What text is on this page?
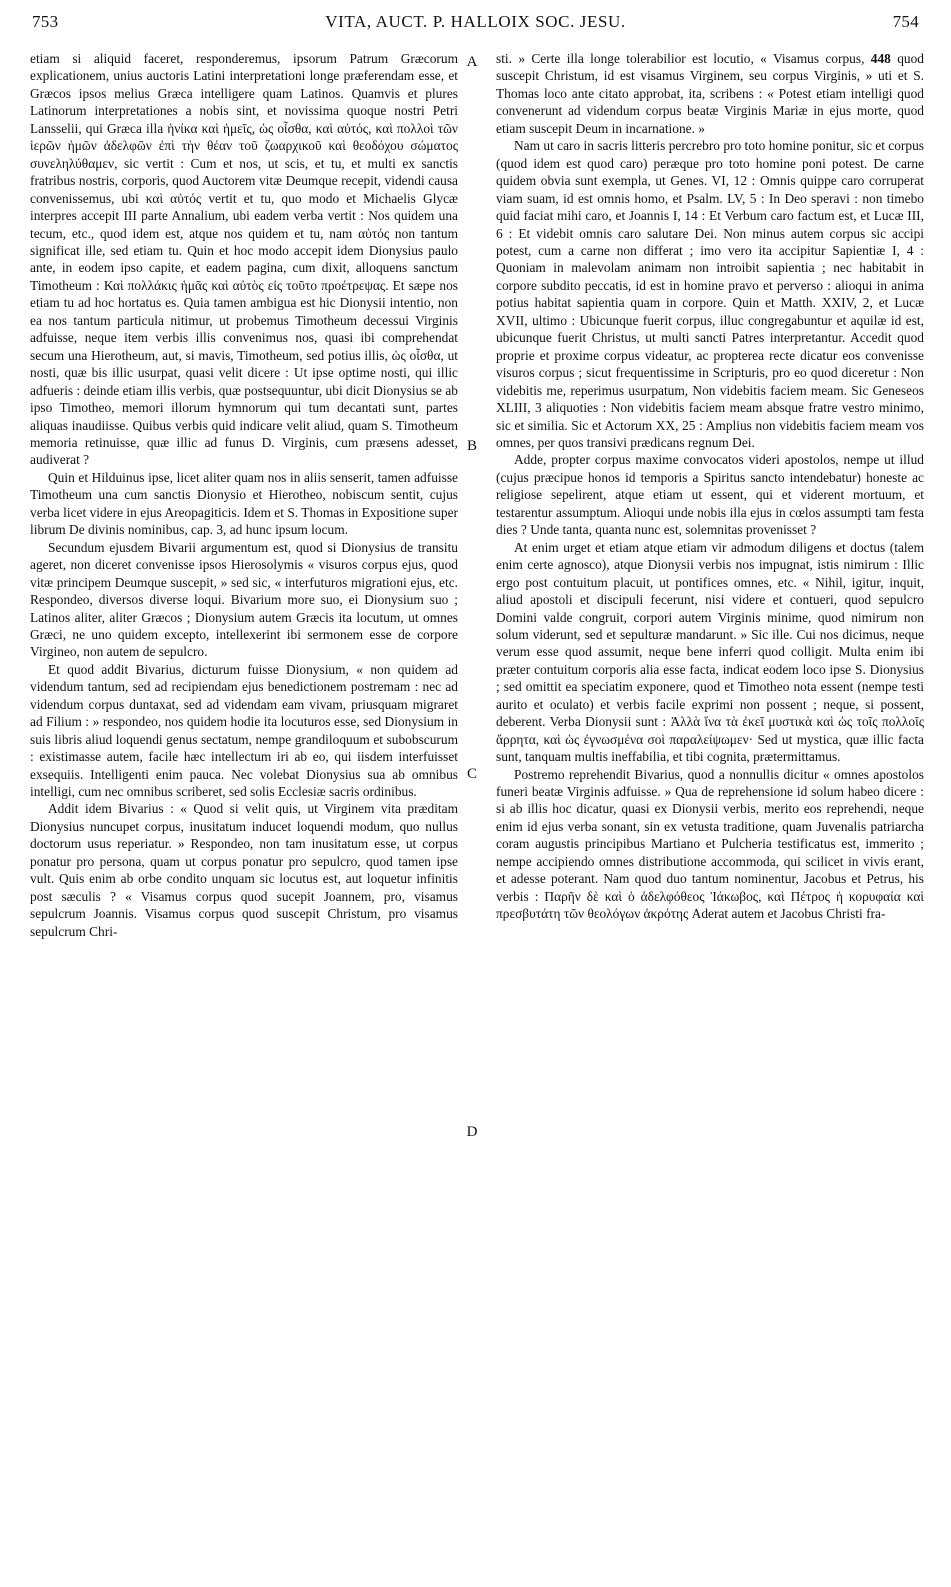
753	VITA, AUCT. P. HALLOIX SOC. JESU.	754
A
B
C
D

etiam si aliquid faceret, responderemus, ipsorum Patrum Græcorum explicationem, unius auctoris Latini interpretationi longe præferendam esse, et Græcos ipsos melius Græca intelligere quam Latinos. Quamvis et plures Latinorum interpretationes a nobis sint, et novissima quoque nostri Petri Lansselii, qui Græca illa ἡνίκα καὶ ἡμεῖς, ὡς οἶσθα, καὶ αὐτός, καὶ πολλοὶ τῶν ἱερῶν ἡμῶν ἀδελφῶν ἐπὶ τὴν θέαν τοῦ ζωαρχικοῦ καὶ θεοδόχου σώματος συνεληλύθαμεν, sic vertit : Cum et nos, ut scis, et tu, et multi ex sanctis fratribus nostris, corporis, quod Auctorem vitæ Deumque recepit, videndi causa convenissemus, ubi καὶ αὐτός vertit et tu, quo modo et Michaelis Glycæ interpres accepit III parte Annalium, ubi eadem verba vertit : Nos quidem una tecum, etc., quod idem est, atque nos quidem et tu, nam αὐτός non tantum significat ille, sed etiam tu. Quin et hoc modo accepit idem Dionysius paulo ante, in eodem ipso capite, et eadem pagina, cum dixit, alloquens sanctum Timotheum : Καὶ πολλάκις ἡμᾶς καὶ αὐτὸς εἰς τοῦτο προέτρεψας. Et sæpe nos etiam tu ad hoc hortatus es. Quia tamen ambigua est hic Dionysii intentio, non ea nos tantum particula nitimur, ut probemus Timotheum decessui Virginis adfuisse, neque item verbis illis convenimus nos, quasi ibi comprehendat secum una Hierotheum, aut, si mavis, Timotheum, sed potius illis, ὡς οἶσθα, ut nosti, quæ bis illic usurpat, quasi velit dicere : Ut ipse optime nosti, qui illic adfueris : deinde etiam illis verbis, quæ postsequuntur, ubi dicit Dionysius se ab ipso Timotheo, memori illorum hymnorum qui tum decantati sunt, partes aliquas inaudiisse. Quibus verbis quid indicare velit aliud, quam S. Timotheum memoria retinuisse, quæ illic ad funus D. Virginis, cum præsens adesset, audiverat ?

Quin et Hilduinus ipse, licet aliter quam nos in aliis senserit, tamen adfuisse Timotheum una cum sanctis Dionysio et Hierotheo, nobiscum sentit, cujus verba licet videre in ejus Areopagiticis. Idem et S. Thomas in Expositione super librum De divinis nominibus, cap. 3, ad hunc ipsum locum.

Secundum ejusdem Bivarii argumentum est, quod si Dionysius de transitu ageret, non diceret convenisse ipsos Hierosolymis « visuros corpus ejus, quod vitæ principem Deumque suscepit, » sed sic, « interfuturos migrationi ejus, etc. Respondeo, diversos diverse loqui. Bivarium more suo, ei Dionysium suo ; Latinos aliter, aliter Græcos ; Dionysium autem Græcis ita locutum, ut omnes Græci, ne uno quidem excepto, intellexerint ibi sermonem esse de corpore Virgineo, non autem de sepulcro.

Et quod addit Bivarius, dicturum fuisse Dionysium, « non quidem ad videndum tantum, sed ad recipiendam ejus benedictionem postremam : nec ad videndum corpus duntaxat, sed ad videndam eam vivam, priusquam migraret ad Filium : » respondeo, nos quidem hodie ita locuturos esse, sed Dionysium in suis libris aliud loquendi genus sectatum, nempe grandiloquum et subobscurum : existimasse autem, facile hæc intellectum iri ab eo, qui iisdem interfuisset exsequiis. Intelligenti enim pauca. Nec volebat Dionysius sua ab omnibus intelligi, cum nec omnibus scriberet, sed solis Ecclesiæ sacris ordinibus.

Addit idem Bivarius : « Quod si velit quis, ut Virginem vita præditam Dionysius nuncupet corpus, inusitatum inducet loquendi modum, quo nullus doctorum usus reperiatur. » Respondeo, non tam inusitatum esse, ut corpus ponatur pro persona, quam ut corpus ponatur pro sepulcro, quod tamen ipse vult. Quis enim ab orbe condito unquam sic locutus est, aut loquetur infinitis post sæculis ? « Visamus corpus quod sucepit Joannem, pro, visamus sepulcrum Joannis. Visamus corpus quod suscepit Christum, pro visamus sepulcrum Chri-

sti. » Certe illa longe tolerabilior est locutio, « Visamus corpus, 448 quod suscepit Christum, id est visamus Virginem, seu corpus Virginis, » uti et S. Thomas loco ante citato approbat, ita, scribens : « Potest etiam intelligi quod convenerunt ad videndum corpus beatæ Virginis Mariæ in ejus morte, quod etiam suscepit Deum in incarnatione. »

Nam ut caro in sacris litteris percrebro pro toto homine ponitur, sic et corpus (quod idem est quod caro) peræque pro toto homine poni potest. De carne quidem obvia sunt exempla, ut Genes. VI, 12 : Omnis quippe caro corruperat viam suam, id est omnis homo, et Psalm. LV, 5 : In Deo speravi : non timebo quid faciat mihi caro, et Joannis I, 14 : Et Verbum caro factum est, et Lucæ III, 6 : Et videbit omnis caro salutare Dei. Non minus autem corpus sic accipi potest, cum a carne non differat ; imo vero ita accipitur Sapientiæ I, 4 : Quoniam in malevolam animam non introibit sapientia ; nec habitabit in corpore subdito peccatis, id est in homine pravo et perverso : alioqui in anima potius habitat sapientia quam in corpore. Quin et Matth. XXIV, 2, et Lucæ XVII, ultimo : Ubicunque fuerit corpus, illuc congregabuntur et aquilæ id est, ubicunque fuerit Christus, ut multi sancti Patres interpretantur. Accedit quod proprie et proxime corpus videatur, ac propterea recte dicatur eos convenisse visuros corpus ; sicut frequentissime in Scripturis, pro eo quod diceretur : Non videbitis me, reperimus usurpatum, Non videbitis faciem meam. Sic Geneseos XLIII, 3 aliquoties : Non videbitis faciem meam absque fratre vestro minimo, sic et similia. Sic et Actorum XX, 25 : Amplius non videbitis faciem meam vos omnes, per quos transivi prædicans regnum Dei.

Adde, propter corpus maxime convocatos videri apostolos, nempe ut illud (cujus præcipue honos id temporis a Spiritus sancto intendebatur) honeste ac religiose sepelirent, atque etiam ut essent, qui et viderent mortuum, et testarentur assumptum. Alioqui unde nobis illa ejus in cœlos assumpti tam festa dies ? Unde tanta, quanta nunc est, solemnitas provenisset ?

At enim urget et etiam atque etiam vir admodum diligens et doctus (talem enim certe agnosco), atque Dionysii verbis nos impugnat, istis nimirum : Illic ergo post contuitum placuit, ut pontifices omnes, etc. « Nihil, igitur, inquit, aliud apostoli et discipuli fecerunt, nisi videre et contueri, quod sepulcro Domini valde congruit, corpori autem Virginis minime, quod nimirum non solum viderunt, sed et sepulturæ mandarunt. » Sic ille. Cui nos dicimus, neque verum esse quod assumit, neque bene inferri quod colligit. Multa enim ibi præter contuitum corporis alia esse facta, indicat eodem loco ipse S. Dionysius ; sed omittit ea speciatim exponere, quod et Timotheo nota essent (nempe testi aurito et oculato) et verbis facile exprimi non possent ; neque, si possent, deberent. Verba Dionysii sunt : Ἀλλὰ ἵνα τὰ ἐκεῖ μυστικὰ καὶ ὡς τοῖς πολλοῖς ἄρρητα, καὶ ὡς ἐγνωσμένα σοὶ παραλείψωμεν· Sed ut mystica, quæ illic facta sunt, tanquam multis ineffabilia, et tibi cognita, prætermittamus.

Postremo reprehendit Bivarius, quod a nonnullis dicitur « omnes apostolos funeri beatæ Virginis adfuisse. » Qua de reprehensione id solum habeo dicere : si ab illis hoc dicatur, quasi ex Dionysii verbis, merito eos reprehendi, neque enim id ejus verba sonant, sin ex vetusta traditione, quam Juvenalis patriarcha coram augustis principibus Martiano et Pulcheria testificatus est, immerito ; nempe accipiendo omnes distributione accommoda, qui scilicet in vivis erant, et adesse poterant. Nam quod duo tantum nominentur, Jacobus et Petrus, his verbis : Παρῆν δὲ καὶ ὁ ἀδελφόθεος Ἰάκωβος, καὶ Πέτρος ἡ κορυφαία καὶ πρεσβυτάτη τῶν θεολόγων ἀκρότης Aderat autem et Jacobus Christi fra-
